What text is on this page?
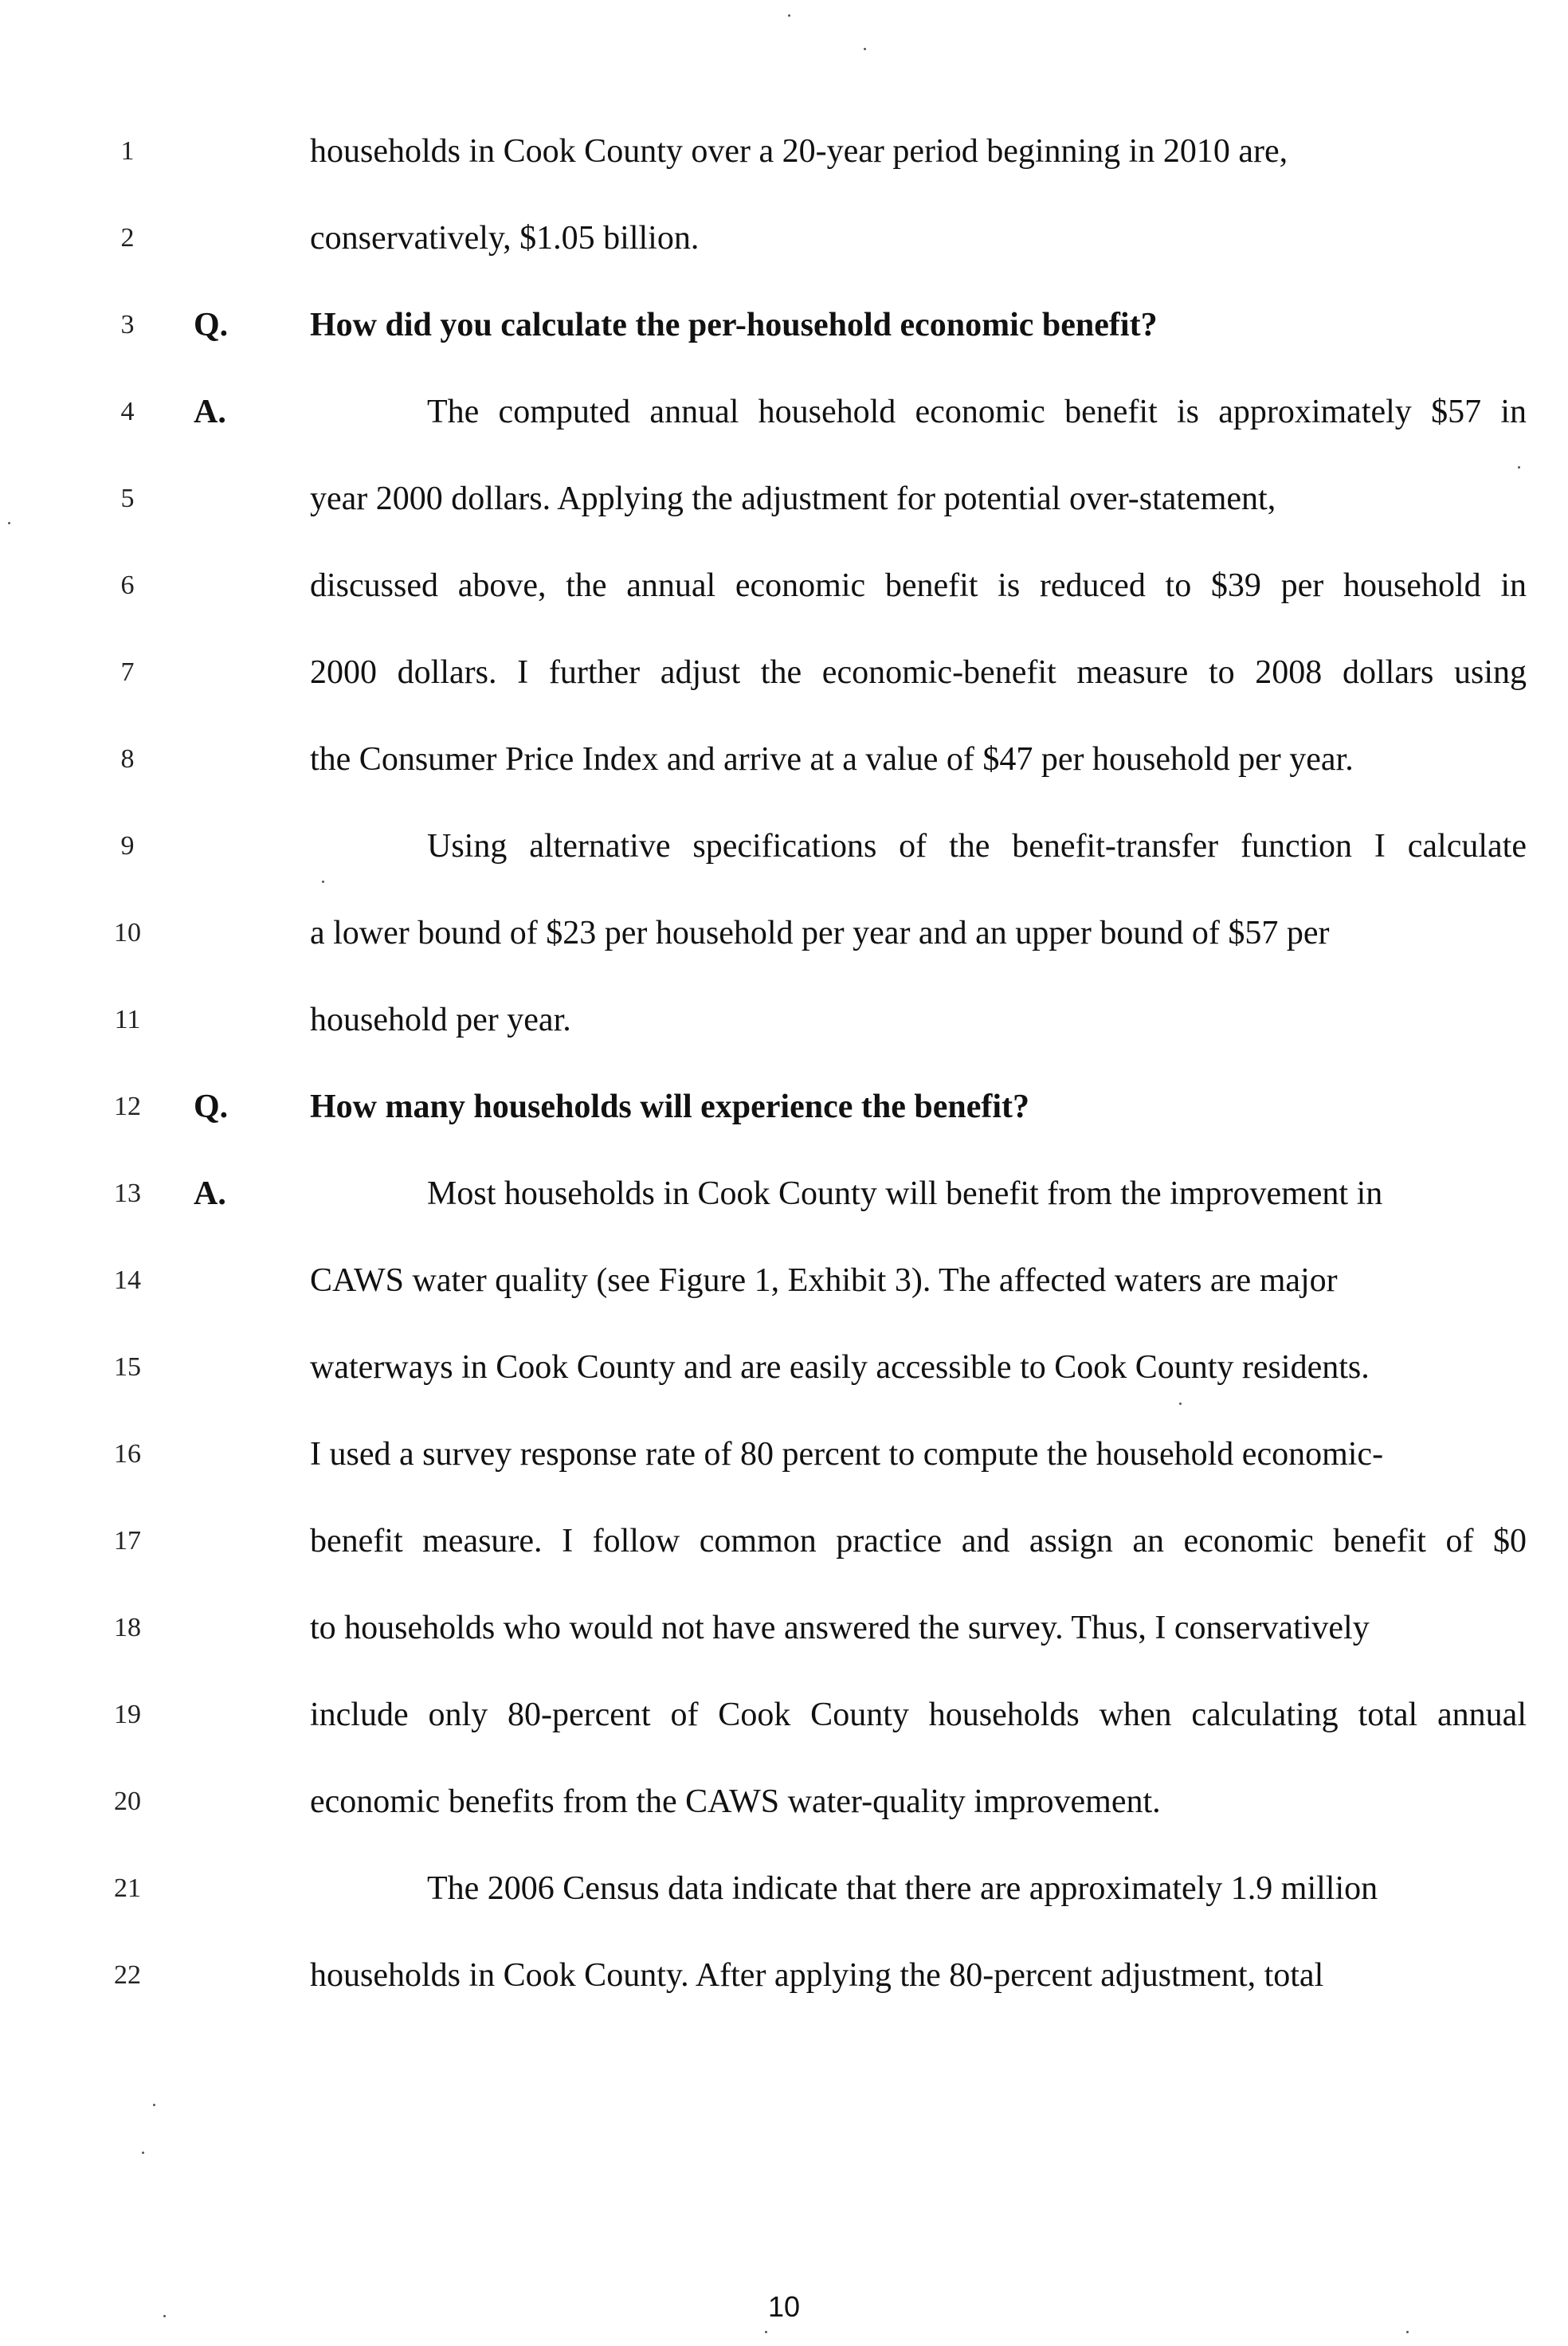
1	households in Cook County over a 20-year period beginning in 2010 are,
2	conservatively, $1.05 billion.
3	Q. How did you calculate the per-household economic benefit?
4	A.	The computed annual household economic benefit is approximately $57 in
5	year 2000 dollars. Applying the adjustment for potential over-statement,
6	discussed above, the annual economic benefit is reduced to $39 per household in
7	2000 dollars. I further adjust the economic-benefit measure to 2008 dollars using
8	the Consumer Price Index and arrive at a value of $47 per household per year.
9	Using alternative specifications of the benefit-transfer function I calculate
10	a lower bound of $23 per household per year and an upper bound of $57 per
11	household per year.
12	Q. How many households will experience the benefit?
13	A.	Most households in Cook County will benefit from the improvement in
14	CAWS water quality (see Figure 1, Exhibit 3). The affected waters are major
15	waterways in Cook County and are easily accessible to Cook County residents.
16	I used a survey response rate of 80 percent to compute the household economic-
17	benefit measure. I follow common practice and assign an economic benefit of $0
18	to households who would not have answered the survey. Thus, I conservatively
19	include only 80-percent of Cook County households when calculating total annual
20	economic benefits from the CAWS water-quality improvement.
21	The 2006 Census data indicate that there are approximately 1.9 million
22	households in Cook County. After applying the 80-percent adjustment, total
10
